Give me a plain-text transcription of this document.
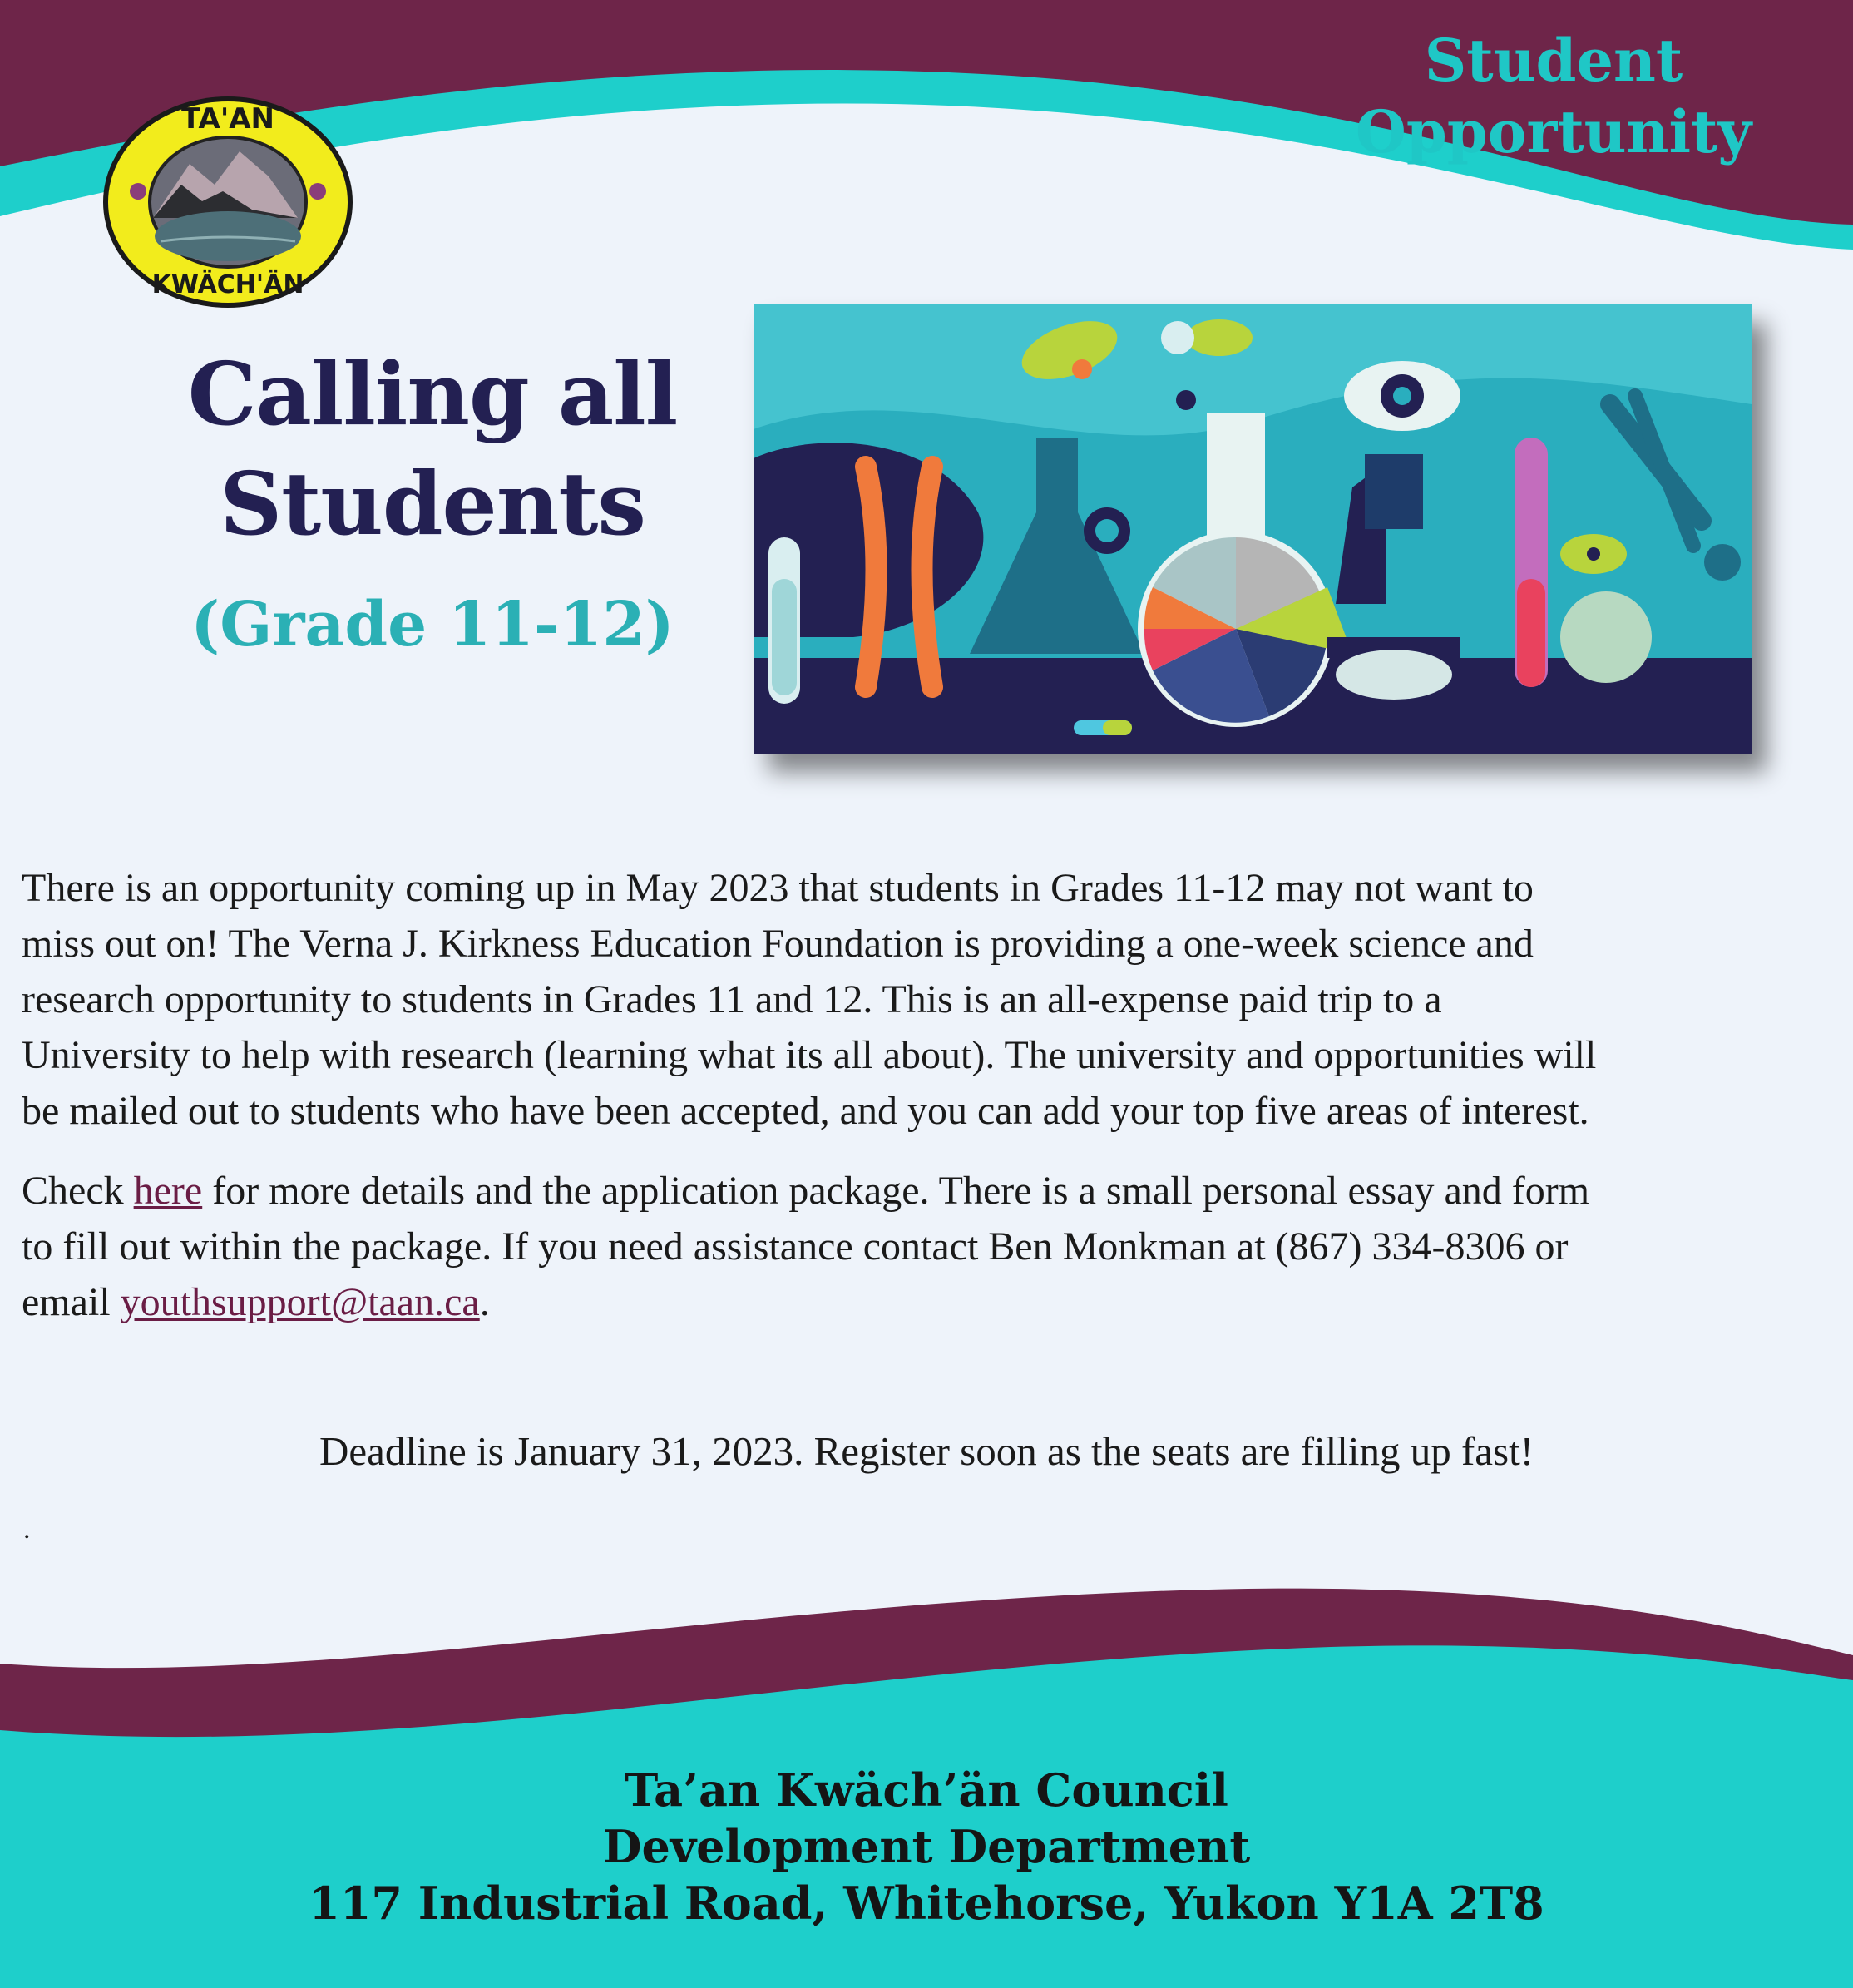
Student
Opportunity
TA'AN
KWÄCH'ÄN
Calling all
Students
(Grade 11-12)
There is an opportunity coming up in May 2023 that students in Grades 11-12 may not want to
miss out on! The Verna J. Kirkness Education Foundation is providing a one-week science and
research opportunity to students in Grades 11 and 12. This is an all-expense paid trip to a
University to help with research (learning what its all about). The university and opportunities will
be mailed out to students who have been accepted, and you can add your top five areas of interest.
Check here for more details and the application package. There is a small personal essay and form
to fill out within the package. If you need assistance contact Ben Monkman at (867) 334-8306 or
email youthsupport@taan.ca.
Deadline is January 31, 2023. Register soon as the seats are filling up fast!
.
Ta’an Kwäch’än Council
Development Department
117 Industrial Road, Whitehorse, Yukon Y1A 2T8
